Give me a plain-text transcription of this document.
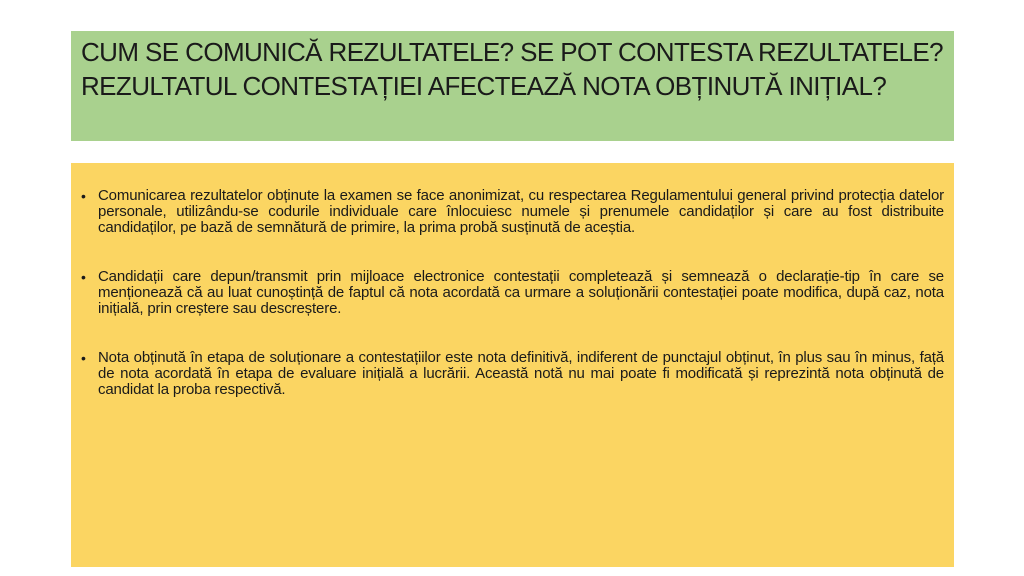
CUM SE COMUNICĂ REZULTATELE? SE POT CONTESTA REZULTATELE? REZULTATUL CONTESTAȚIEI AFECTEAZĂ NOTA OBȚINUTĂ INIȚIAL?
• Comunicarea rezultatelor obținute la examen se face anonimizat, cu respectarea Regulamentului general privind protecția datelor personale, utilizându-se codurile individuale care înlocuiesc numele și prenumele candidaților și care au fost distribuite candidaților, pe bază de semnătură de primire, la prima probă susținută de aceștia.
• Candidații care depun/transmit prin mijloace electronice contestații completează și semnează o declarație-tip în care se menționează că au luat cunoștință de faptul că nota acordată ca urmare a soluționării contestației poate modifica, după caz, nota inițială, prin creștere sau descreștere.
• Nota obținută în etapa de soluționare a contestațiilor este nota definitivă, indiferent de punctajul obținut, în plus sau în minus, față de nota acordată în etapa de evaluare inițială a lucrării. Această notă nu mai poate fi modificată și reprezintă nota obținută de candidat la proba respectivă.
